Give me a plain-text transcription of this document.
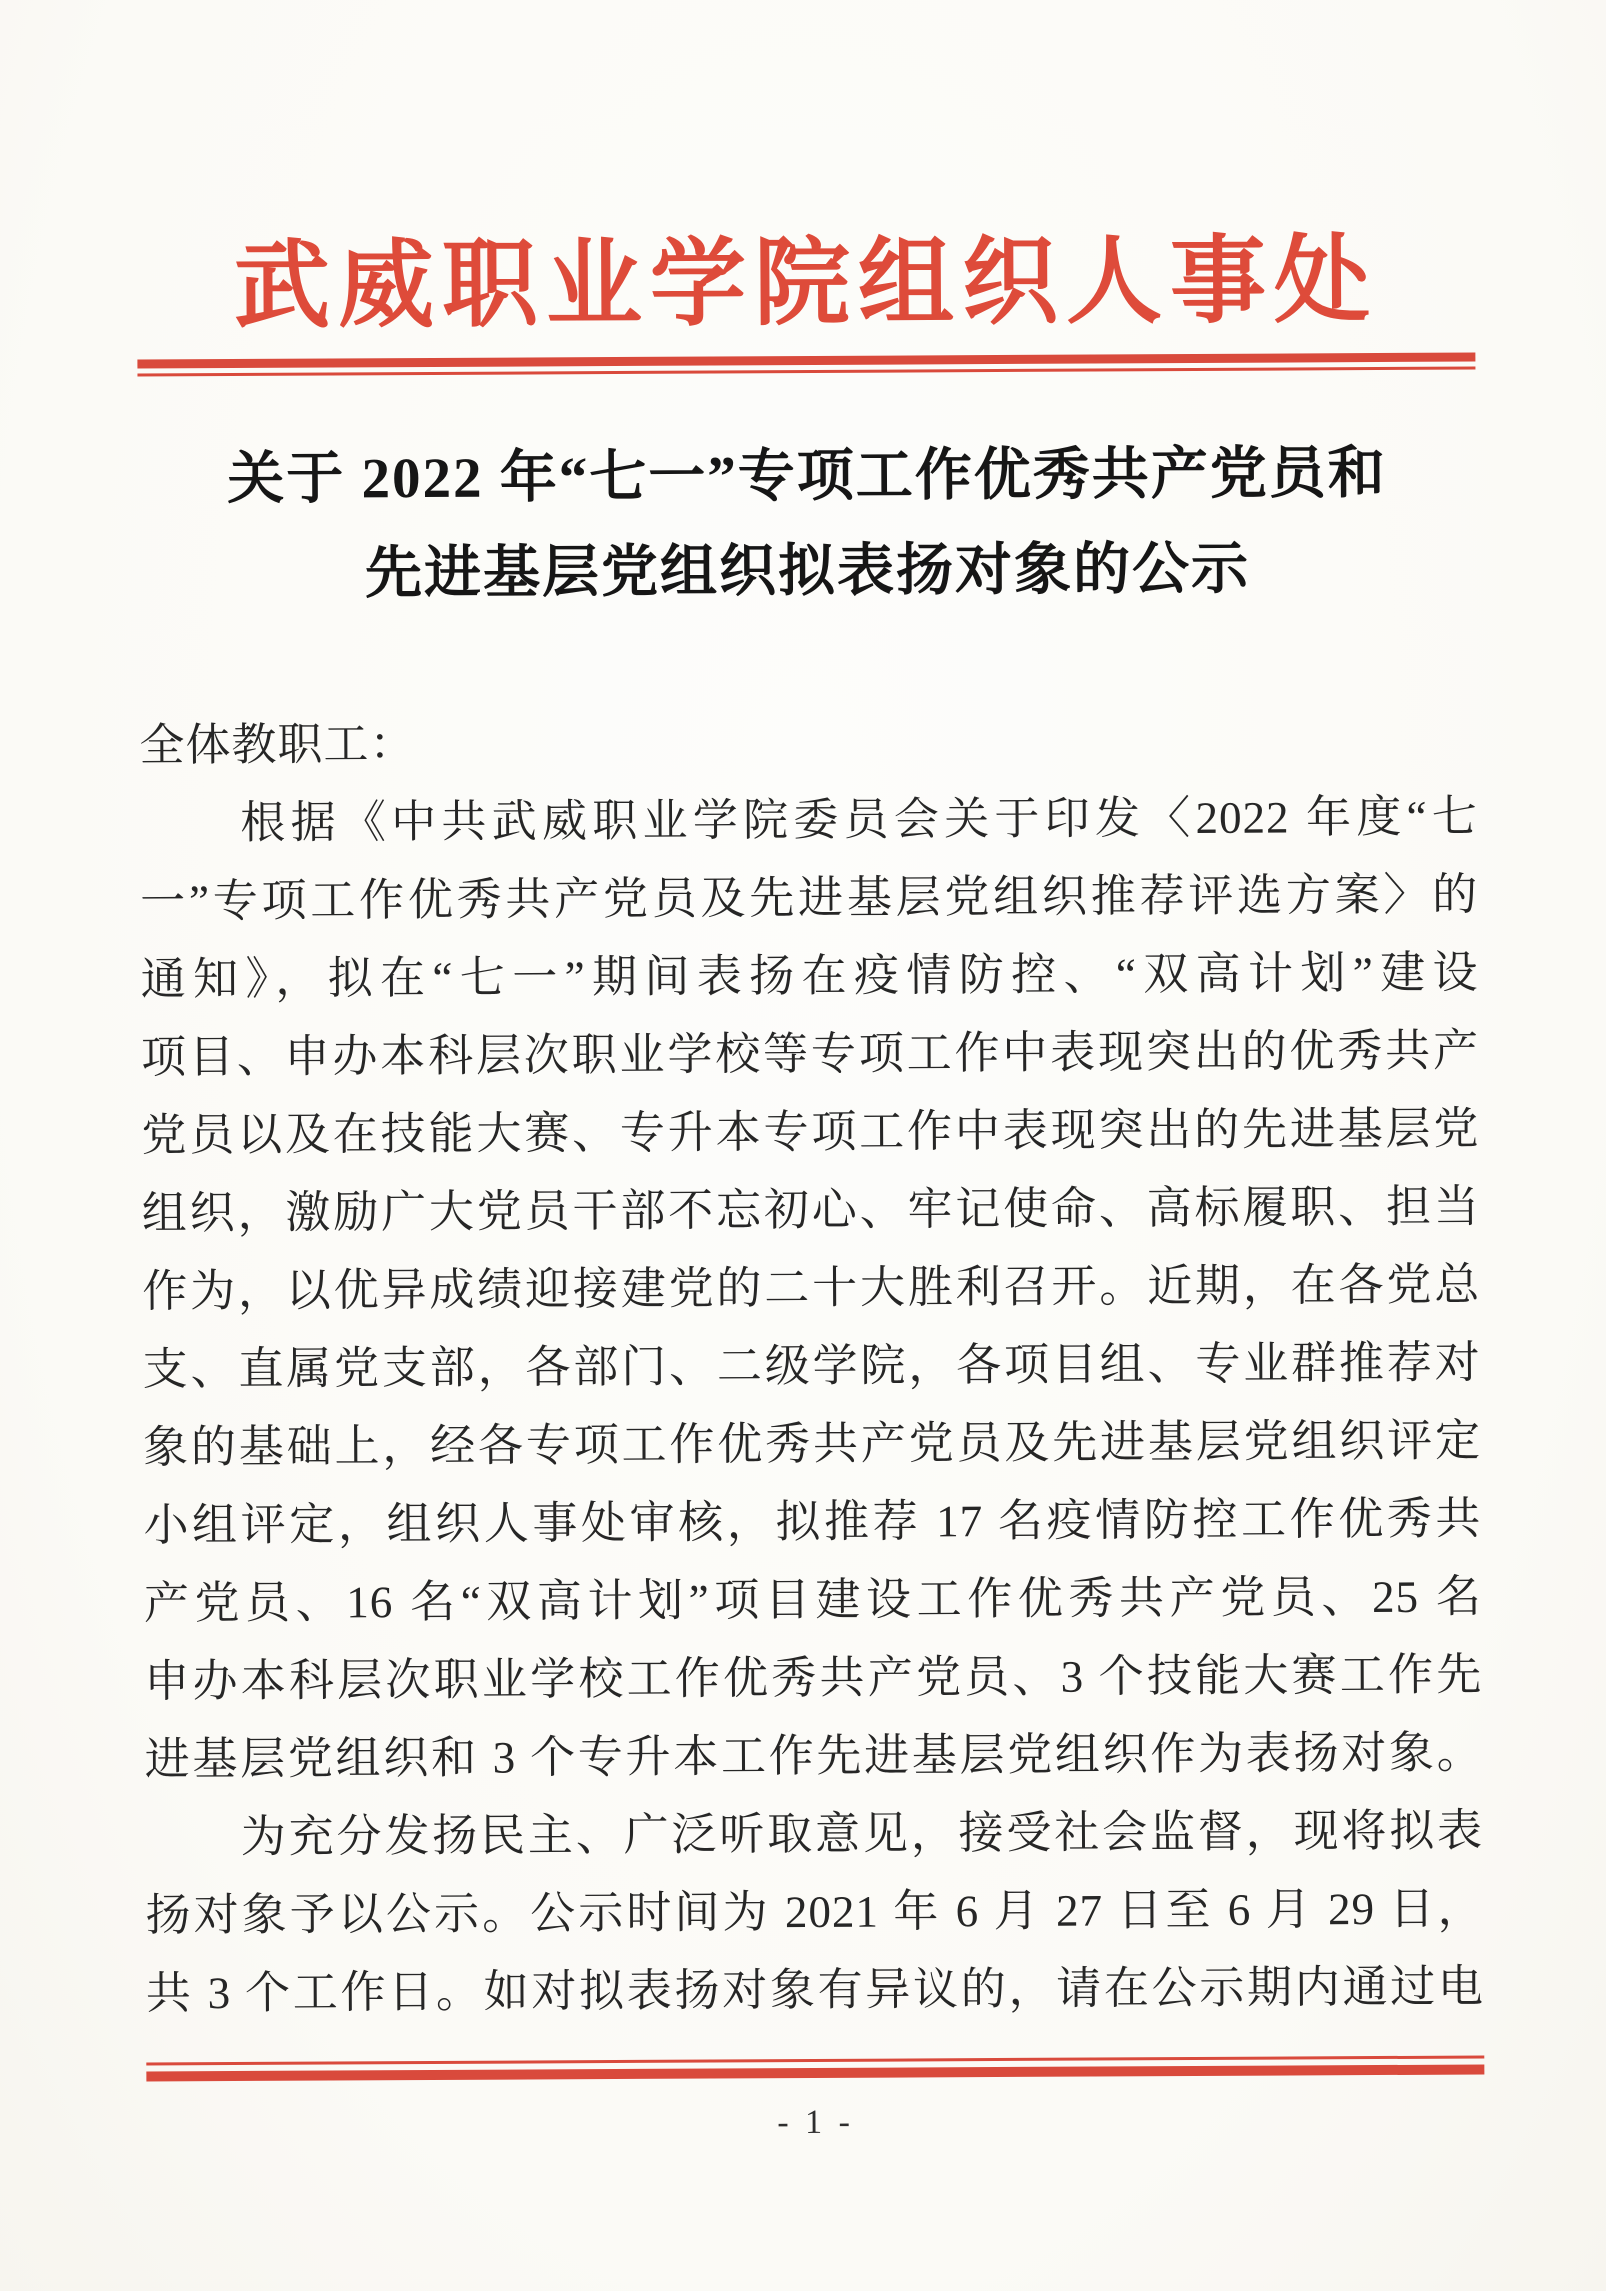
武威职业学院组织人事处
关于 2022 年“七一”专项工作优秀共产党员和
先进基层党组织拟表扬对象的公示
全体教职工：
　　根据《中共武威职业学院委员会关于印发〈2022 年度“七
一”专项工作优秀共产党员及先进基层党组织推荐评选方案〉的
通知》，拟在“七一”期间表扬在疫情防控、“双高计划”建设
项目、申办本科层次职业学校等专项工作中表现突出的优秀共产
党员以及在技能大赛、专升本专项工作中表现突出的先进基层党
组织，激励广大党员干部不忘初心、牢记使命、高标履职、担当
作为，以优异成绩迎接建党的二十大胜利召开。近期，在各党总
支、直属党支部，各部门、二级学院，各项目组、专业群推荐对
象的基础上，经各专项工作优秀共产党员及先进基层党组织评定
小组评定，组织人事处审核，拟推荐 17 名疫情防控工作优秀共
产党员、16 名“双高计划”项目建设工作优秀共产党员、25 名
申办本科层次职业学校工作优秀共产党员、3 个技能大赛工作先
进基层党组织和 3 个专升本工作先进基层党组织作为表扬对象。
　　为充分发扬民主、广泛听取意见，接受社会监督，现将拟表
扬对象予以公示。公示时间为 2021 年 6 月 27 日至 6 月 29 日，
共 3 个工作日。如对拟表扬对象有异议的，请在公示期内通过电
- 1 -
